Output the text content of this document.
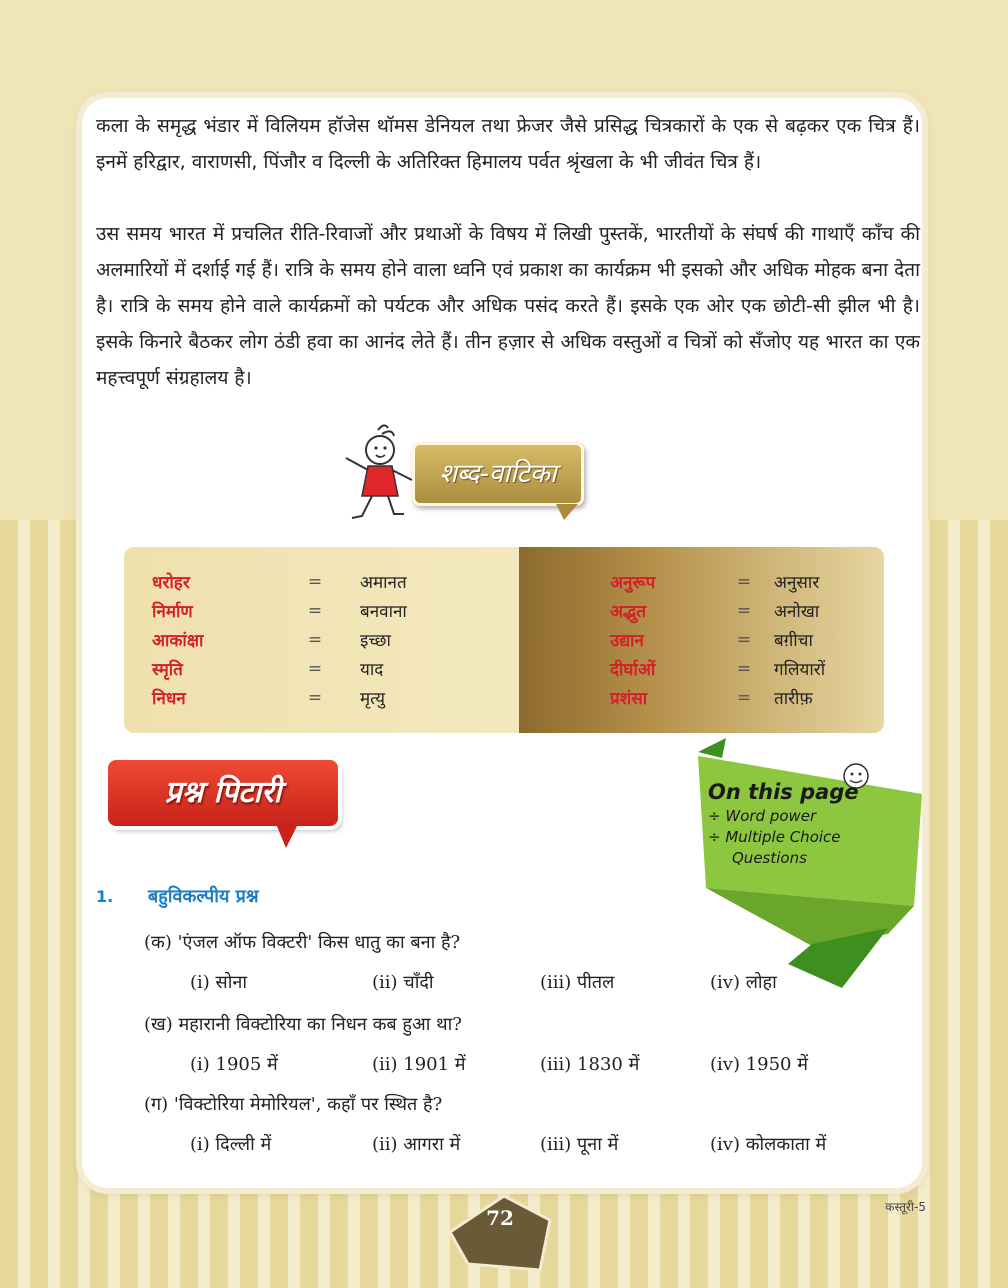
कला के समृद्ध भंडार में विलियम हॉजेस थॉमस डेनियल तथा फ्रेजर जैसे प्रसिद्ध चित्रकारों के एक से बढ़कर एक चित्र हैं। इनमें हरिद्वार, वाराणसी, पिंजौर व दिल्ली के अतिरिक्त हिमालय पर्वत श्रृंखला के भी जीवंत चित्र हैं।

उस समय भारत में प्रचलित रीति-रिवाजों और प्रथाओं के विषय में लिखी पुस्तकें, भारतीयों के संघर्ष की गाथाएँ काँच की अलमारियों में दर्शाई गई हैं। रात्रि के समय होने वाला ध्वनि एवं प्रकाश का कार्यक्रम भी इसको और अधिक मोहक बना देता है। रात्रि के समय होने वाले कार्यक्रमों को पर्यटक और अधिक पसंद करते हैं। इसके एक ओर एक छोटी-सी झील भी है। इसके किनारे बैठकर लोग ठंडी हवा का आनंद लेते हैं। तीन हज़ार से अधिक वस्तुओं व चित्रों को सँजोए यह भारत का एक महत्त्वपूर्ण संग्रहालय है।

शब्द-वाटिका
धरोहर	=	अमानत
निर्माण	=	बनवाना
आकांक्षा	=	इच्छा
स्मृति	=	याद
निधन	=	मृत्यु
अनुरूप	=	अनुसार
अद्भुत	=	अनोखा
उद्यान	=	बग़ीचा
दीर्घाओं	=	गलियारों
प्रशंसा	=	तारीफ़
प्रश्न पिटारी	On this page
÷ Word power
÷ Multiple Choice
Questions
1. बहुविकल्पीय प्रश्न
(क) 'एंजल ऑफ विक्टरी' किस धातु का बना है?
(i) सोना	(ii) चाँदी	(iii) पीतल	(iv) लोहा
(ख) महारानी विक्टोरिया का निधन कब हुआ था?
(i) 1905 में	(ii) 1901 में	(iii) 1830 में	(iv) 1950 में
(ग) 'विक्टोरिया मेमोरियल', कहाँ पर स्थित है?
(i) दिल्ली में	(ii) आगरा में	(iii) पूना में	(iv) कोलकाता में
72	कस्तूरी-5
